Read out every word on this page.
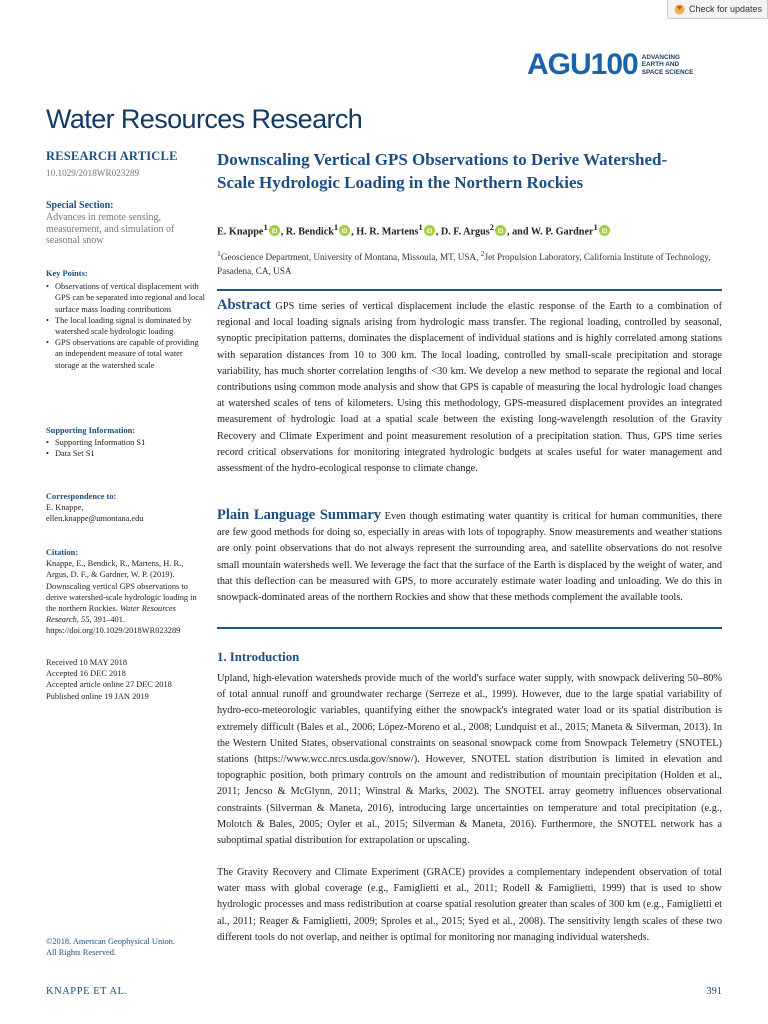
Check for updates
AGU100 ADVANCING
EARTH AND
SPACE SCIENCE
Water Resources Research
RESEARCH ARTICLE
10.1029/2018WR023289
Special Section:
Advances in remote sensing, measurement, and simulation of seasonal snow
Key Points:
• Observations of vertical displacement with GPS can be separated into regional and local surface mass loading contributions
• The local loading signal is dominated by watershed scale hydrologic loading
• GPS observations are capable of providing an independent measure of total water storage at the watershed scale
Supporting Information:
• Supporting Information S1
• Data Set S1
Correspondence to:
E. Knappe,
ellen.knappe@umontana.edu
Citation:
Knappe, E., Bendick, R., Martens, H. R., Argus, D. F., & Gardner, W. P. (2019). Downscaling vertical GPS observations to derive watershed-scale hydrologic loading in the northern Rockies. Water Resources Research, 55, 391–401. https://doi.org/10.1029/2018WR023289
Received 10 MAY 2018
Accepted 16 DEC 2018
Accepted article online 27 DEC 2018
Published online 19 JAN 2019
©2018. American Geophysical Union.
All Rights Reserved.
Downscaling Vertical GPS Observations to Derive Watershed-Scale Hydrologic Loading in the Northern Rockies
E. Knappe$^1$
iD , R. Bendick$^1$
iD , H. R. Martens$^1$
iD , D. F. Argus$^2$
iD , and W. P. Gardner$^1$
iD
$^1$Geoscience Department, University of Montana, Missoula, MT, USA, $^2$Jet Propulsion Laboratory, California Institute of Technology, Pasadena, CA, USA
Abstract GPS time series of vertical displacement include the elastic response of the Earth to a combination of regional and local loading signals arising from hydrologic mass transfer. The regional loading, controlled by seasonal, synoptic precipitation patterns, dominates the displacement of individual stations and is highly correlated among stations with separation distances from 10 to 300 km. The local loading, controlled by small-scale precipitation and storage variability, has much shorter correlation lengths of <30 km. We develop a new method to separate the regional and local contributions using common mode analysis and show that GPS is capable of measuring the local hydrologic load changes at watershed scales of tens of kilometers. Using this methodology, GPS-measured displacement provides an integrated measurement of hydrologic load at a spatial scale between the existing long-wavelength resolution of the Gravity Recovery and Climate Experiment and point measurement resolution of a precipitation station. Thus, GPS time series record critical observations for monitoring integrated hydrologic budgets at scales useful for water management and assessment of the hydro-ecological response to climate change.
Plain Language Summary Even though estimating water quantity is critical for human communities, there are few good methods for doing so, especially in areas with lots of topography. Snow measurements and weather stations are only point observations that do not always represent the surrounding area, and satellite observations do not resolve small mountain watersheds well. We leverage the fact that the surface of the Earth is displaced by the weight of water, and that this deflection can be measured with GPS, to more accurately estimate water loading and unloading. We do this in snowpack-dominated areas of the northern Rockies and show that these methods complement the available tools.
1. Introduction
Upland, high-elevation watersheds provide much of the world's surface water supply, with snowpack delivering 50–80% of total annual runoff and groundwater recharge (Serreze et al., 1999). However, due to the large spatial variability of hydro-eco-meteorologic variables, quantifying either the snowpack's integrated water load or its spatial distribution is extremely difficult (Bales et al., 2006; López-Moreno et al., 2008; Lundquist et al., 2015; Maneta & Silverman, 2013). In the Western United States, observational constraints on seasonal snowpack come from Snowpack Telemetry (SNOTEL) stations (https://www.wcc.nrcs.usda.gov/snow/). However, SNOTEL station distribution is limited in elevation and topographic position, both primary controls on the amount and redistribution of mountain precipitation (Holden et al., 2011; Jencso & McGlynn, 2011; Winstral & Marks, 2002). The SNOTEL array geometry influences observational constraints (Silverman & Maneta, 2016), introducing large uncertainties on temperature and total precipitation (e.g., Molotch & Bales, 2005; Oyler et al., 2015; Silverman & Maneta, 2016). Furthermore, the SNOTEL network has a suboptimal spatial distribution for extrapolation or upscaling.
The Gravity Recovery and Climate Experiment (GRACE) provides a complementary independent observation of total water mass with global coverage (e.g., Famiglietti et al., 2011; Rodell & Famiglietti, 1999) that is used to show hydrologic processes and mass redistribution at coarse spatial resolution greater than scales of 300 km (e.g., Famiglietti et al., 2011; Reager & Famiglietti, 2009; Sproles et al., 2015; Syed et al., 2008). The sensitivity length scales of these two different tools do not overlap, and neither is optimal for monitoring nor managing individual watersheds.
KNAPPE ET AL.	391
